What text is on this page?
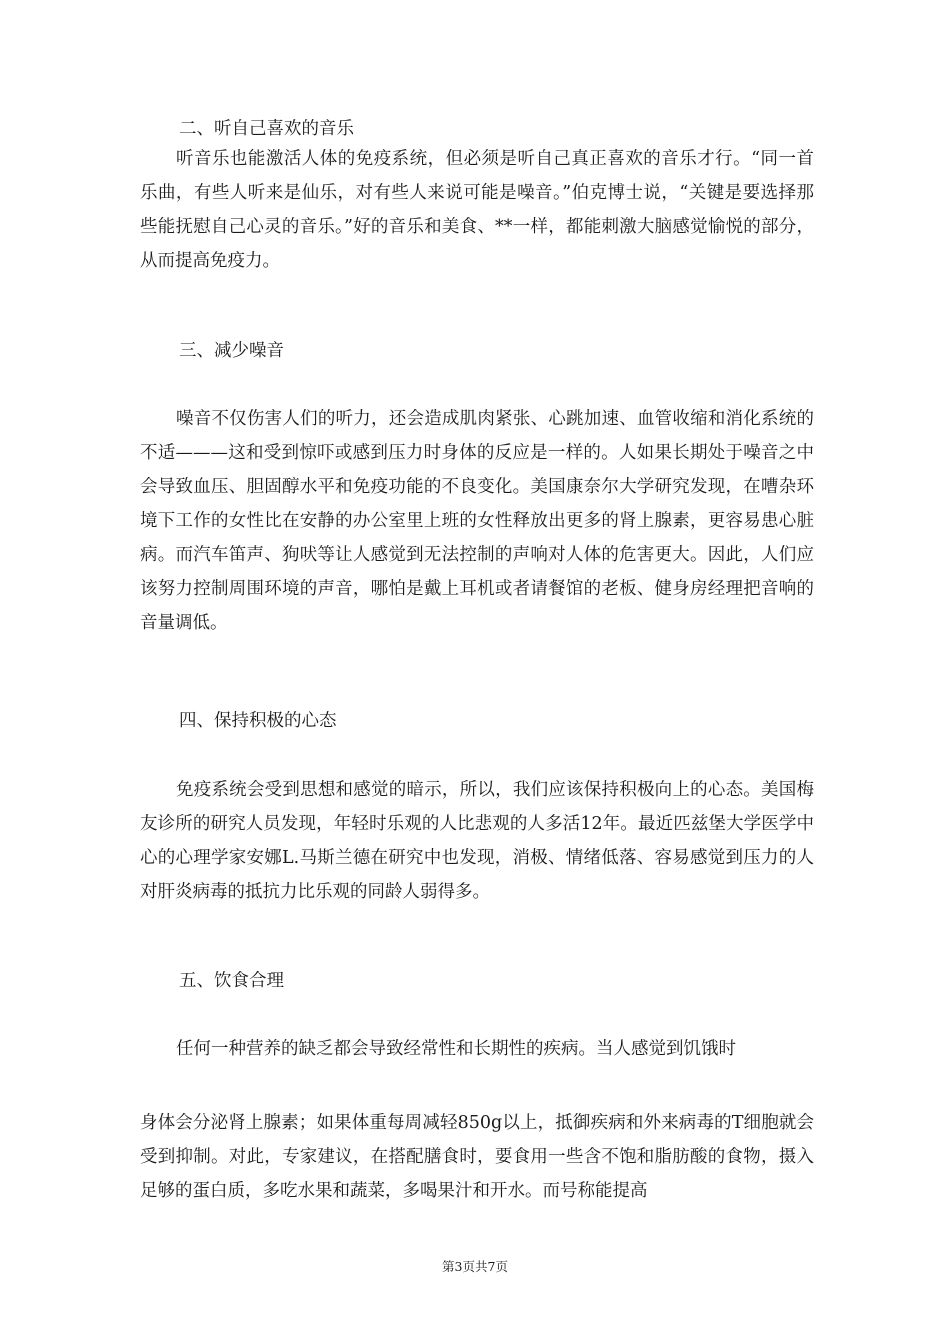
二、听自己喜欢的音乐
听音乐也能激活人体的免疫系统，但必须是听自己真正喜欢的音乐才行。“同一首乐曲，有些人听来是仙乐，对有些人来说可能是噪音。”伯克博士说，“关键是要选择那些能抚慰自己心灵的音乐。”好的音乐和美食、**一样，都能刺激大脑感觉愉悦的部分，从而提高免疫力。
三、减少噪音
噪音不仅伤害人们的听力，还会造成肌肉紧张、心跳加速、血管收缩和消化系统的不适———这和受到惊吓或感到压力时身体的反应是一样的。人如果长期处于噪音之中会导致血压、胆固醇水平和免疫功能的不良变化。美国康奈尔大学研究发现，在嘈杂环境下工作的女性比在安静的办公室里上班的女性释放出更多的肾上腺素，更容易患心脏病。而汽车笛声、狗吠等让人感觉到无法控制的声响对人体的危害更大。因此，人们应该努力控制周围环境的声音，哪怕是戴上耳机或者请餐馆的老板、健身房经理把音响的音量调低。
四、保持积极的心态
免疫系统会受到思想和感觉的暗示，所以，我们应该保持积极向上的心态。美国梅友诊所的研究人员发现，年轻时乐观的人比悲观的人多活12年。最近匹兹堡大学医学中心的心理学家安娜L.马斯兰德在研究中也发现，消极、情绪低落、容易感觉到压力的人对肝炎病毒的抵抗力比乐观的同龄人弱得多。
五、饮食合理
任何一种营养的缺乏都会导致经常性和长期性的疾病。当人感觉到饥饿时
身体会分泌肾上腺素；如果体重每周减轻850g以上，抵御疾病和外来病毒的T细胞就会受到抑制。对此，专家建议，在搭配膳食时，要食用一些含不饱和脂肪酸的食物，摄入足够的蛋白质，多吃水果和蔬菜，多喝果汁和开水。而号称能提高
第3页共7页
